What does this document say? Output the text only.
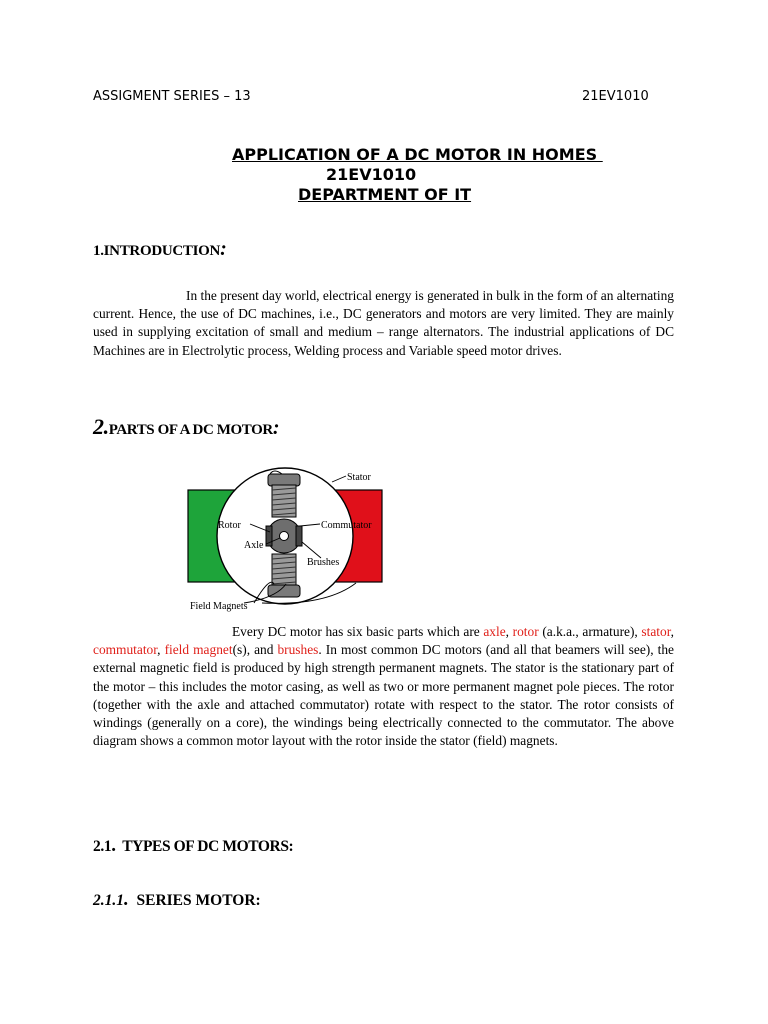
ASSIGMENT SERIES – 13	21EV1010
APPLICATION OF A DC MOTOR IN HOMES
21EV1010
DEPARTMENT OF IT
1.INTRODUCTION:
In the present day world, electrical energy is generated in bulk in the form of an alternating current. Hence, the use of DC machines, i.e., DC generators and motors are very limited. They are mainly used in supplying excitation of small and medium – range alternators. The industrial applications of DC Machines are in Electrolytic process, Welding process and Variable speed motor drives.
2.PARTS OF A DC MOTOR:
Stator
Rotor	Commutator
Axle
Brushes
Field Magnets
Every DC motor has six basic parts which are axle, rotor (a.k.a., armature), stator, commutator, field magnet(s), and brushes. In most common DC motors (and all that beamers will see), the external magnetic field is produced by high strength permanent magnets. The stator is the stationary part of the motor – this includes the motor casing, as well as two or more permanent magnet pole pieces. The rotor (together with the axle and attached commutator) rotate with respect to the stator. The rotor consists of windings (generally on a core), the windings being electrically connected to the commutator. The above diagram shows a common motor layout with the rotor inside the stator (field) magnets.
2.1. TYPES OF DC MOTORS:
2.1.1. SERIES MOTOR:
